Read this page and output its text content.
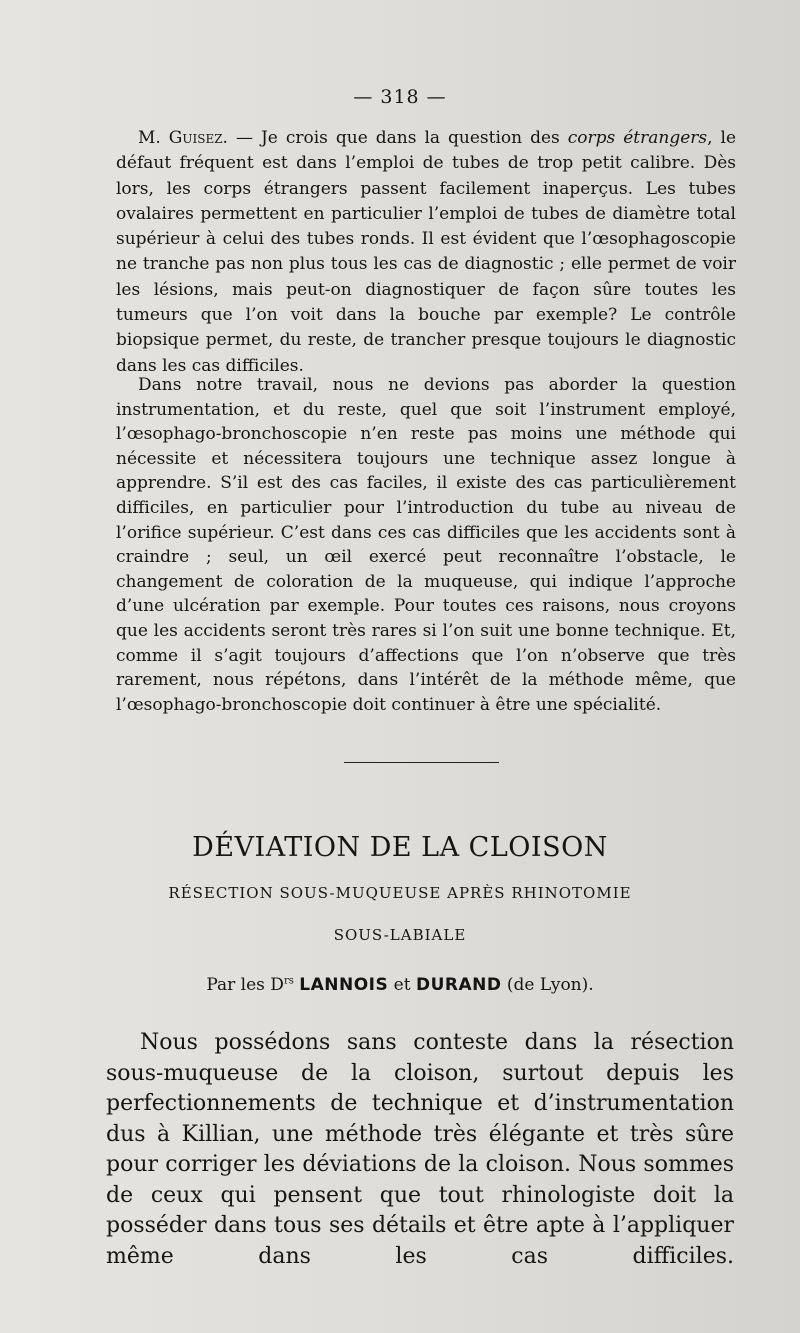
— 318 —

M. Guisez. — Je crois que dans la question des corps étrangers, le défaut fréquent est dans l’emploi de tubes de trop petit calibre. Dès lors, les corps étrangers passent facilement inaperçus. Les tubes ovalaires permettent en particulier l’emploi de tubes de diamètre total supérieur à celui des tubes ronds. Il est évident que l’œsophagoscopie ne tranche pas non plus tous les cas de diagnostic ; elle permet de voir les lésions, mais peut-on diagnostiquer de façon sûre toutes les tumeurs que l’on voit dans la bouche par exemple? Le contrôle biopsique permet, du reste, de trancher presque toujours le diagnostic dans les cas difficiles.

Dans notre travail, nous ne devions pas aborder la question instrumentation, et du reste, quel que soit l’instrument employé, l’œsophago-bronchoscopie n’en reste pas moins une méthode qui nécessite et nécessitera toujours une technique assez longue à apprendre. S’il est des cas faciles, il existe des cas particulièrement difficiles, en particulier pour l’introduction du tube au niveau de l’orifice supérieur. C’est dans ces cas difficiles que les accidents sont à craindre ; seul, un œil exercé peut reconnaître l’obstacle, le changement de coloration de la muqueuse, qui indique l’approche d’une ulcération par exemple. Pour toutes ces raisons, nous croyons que les accidents seront très rares si l’on suit une bonne technique. Et, comme il s’agit toujours d’affections que l’on n’observe que très rarement, nous répétons, dans l’intérêt de la méthode même, que l’œsophago-bronchoscopie doit continuer à être une spécialité.

DÉVIATION DE LA CLOISON
RÉSECTION SOUS-MUQUEUSE APRÈS RHINOTOMIE
SOUS-LABIALE
Par les $D^{rs}$ LANNOIS et DURAND (de Lyon).

Nous possédons sans conteste dans la résection sous-muqueuse de la cloison, surtout depuis les perfectionnements de technique et d’instrumentation dus à Killian, une méthode très élégante et très sûre pour corriger les déviations de la cloison. Nous sommes de ceux qui pensent que tout rhinologiste doit la posséder dans tous ses détails et être apte à l’appliquer même dans les cas difficiles.
